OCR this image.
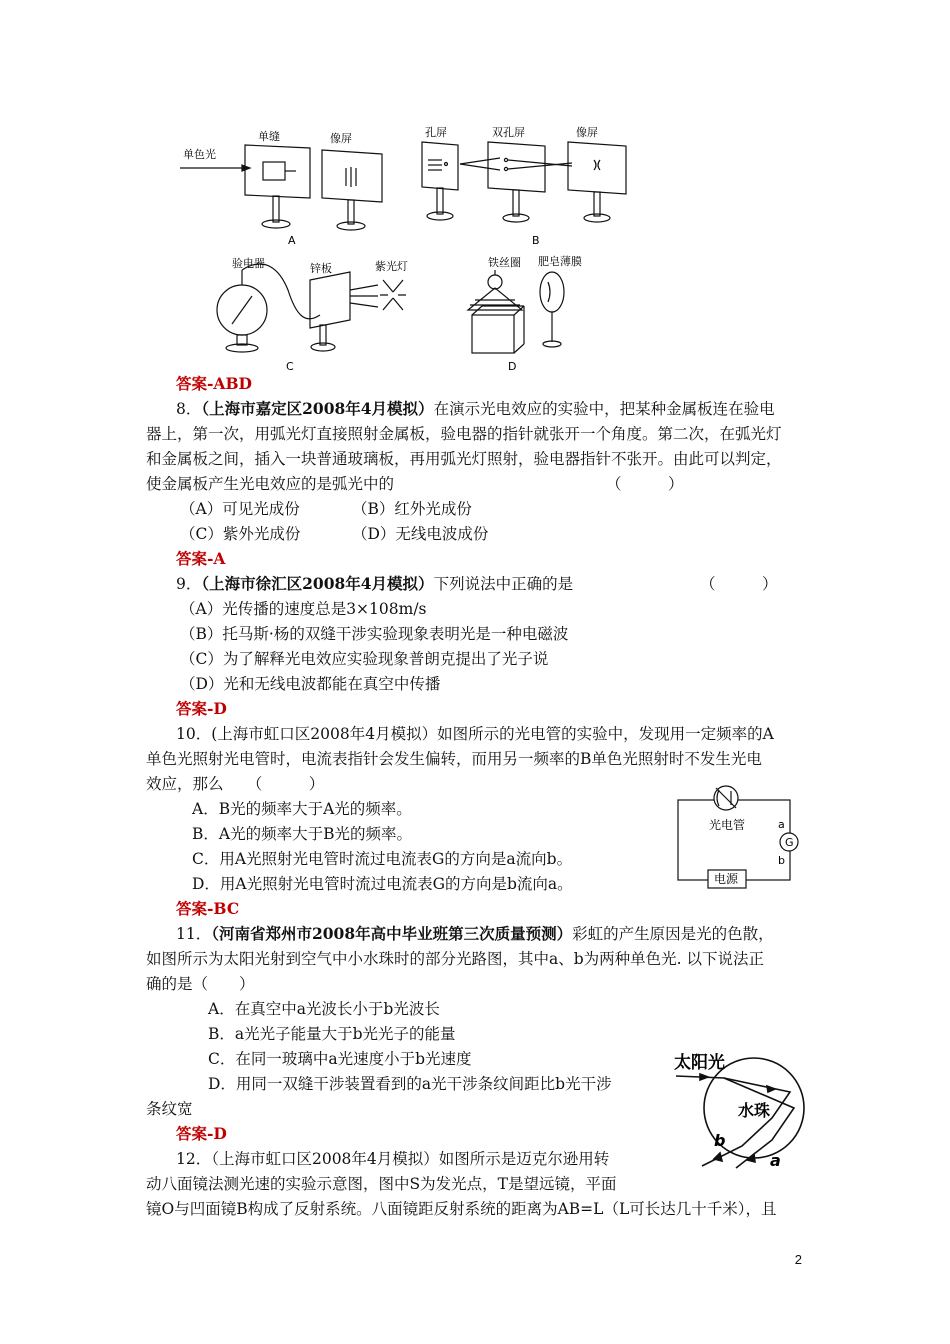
单色光
单缝	像屏
A
孔屏	双孔屏	像屏
B
验电器	锌板	紫光灯
C
铁丝圈 肥皂薄膜
D
答案-ABD
8．（上海市嘉定区2008年4月模拟）在演示光电效应的实验中，把某种金属板连在验电
器上，第一次，用弧光灯直接照射金属板，验电器的指针就张开一个角度。第二次，在弧光灯
和金属板之间，插入一块普通玻璃板，再用弧光灯照射，验电器指针不张开。由此可以判定，
使金属板产生光电效应的是弧光中的	（　　　）
（A）可见光成份	（B）红外光成份
（C）紫外光成份	（D）无线电波成份
答案-A
9．（上海市徐汇区2008年4月模拟）下列说法中正确的是	（　　　）
（A）光传播的速度总是3×108m/s
（B）托马斯·杨的双缝干涉实验现象表明光是一种电磁波
（C）为了解释光电效应实验现象普朗克提出了光子说
（D）光和无线电波都能在真空中传播
答案-D
10．(上海市虹口区2008年4月模拟）如图所示的光电管的实验中，发现用一定频率的A
单色光照射光电管时，电流表指针会发生偏转，而用另一频率的B单色光照射时不发生光电
效应，那么　　（　　　）
A．B光的频率大于A光的频率。
B．A光的频率大于B光的频率。
C．用A光照射光电管时流过电流表G的方向是a流向b。
D．用A光照射光电管时流过电流表G的方向是b流向a。
答案-BC
光电管	a
b
G
电源
11．（河南省郑州市2008年高中毕业班第三次质量预测）彩虹的产生原因是光的色散，
如图所示为太阳光射到空气中小水珠时的部分光路图，其中a、b为两种单色光. 以下说法正
确的是（　　）
A．在真空中a光波长小于b光波长
B．a光光子能量大于b光光子的能量
C．在同一玻璃中a光速度小于b光速度
D．用同一双缝干涉装置看到的a光干涉条纹间距比b光干涉
条纹宽
答案-D
太阳光
水珠
b
a
12．（上海市虹口区2008年4月模拟）如图所示是迈克尔逊用转
动八面镜法测光速的实验示意图，图中S为发光点，T是望远镜，平面
镜O与凹面镜B构成了反射系统。八面镜距反射系统的距离为AB=L（L可长达几十千米），且
2
